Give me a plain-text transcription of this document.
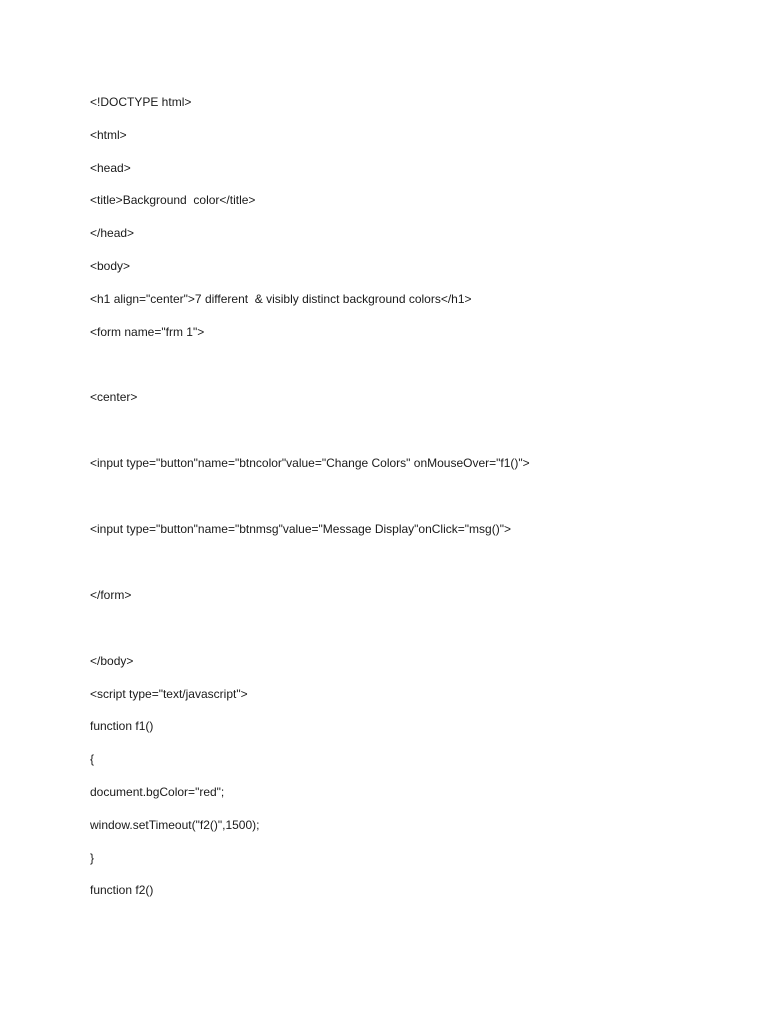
<!DOCTYPE html>
<html>
<head>
<title>Background  color</title>
</head>
<body>
<h1 align="center">7 different  & visibly distinct background colors</h1>
<form name="frm 1">
<center>
<input type="button"name="btncolor"value="Change Colors" onMouseOver="f1()">
<input type="button"name="btnmsg"value="Message Display"onClick="msg()">
</form>
</body>
<script type="text/javascript">
function f1()
{
document.bgColor="red";
window.setTimeout("f2()",1500);
}
function f2()
